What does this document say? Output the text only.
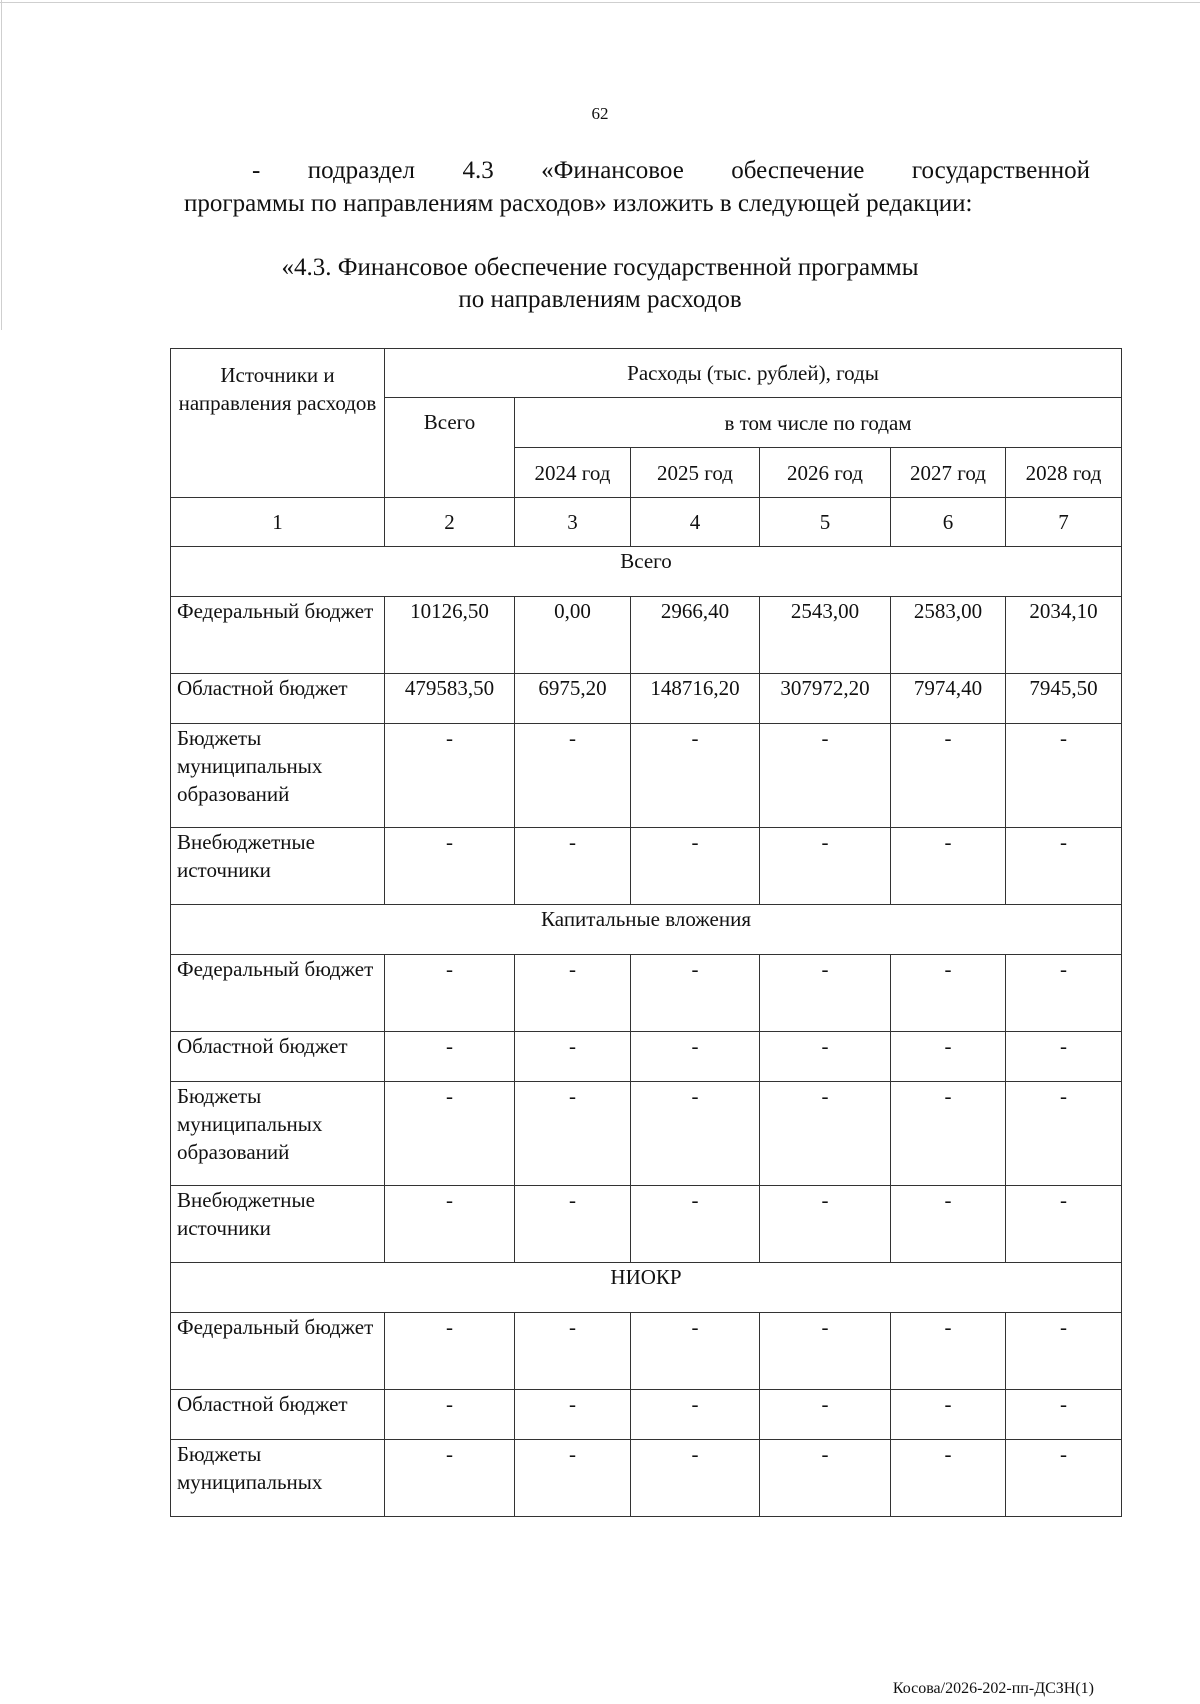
62
- подраздел 4.3 «Финансовое обеспечение государственной
программы по направлениям расходов» изложить в следующей редакции:
«4.3. Финансовое обеспечение государственной программы
по направлениям расходов
Источники и направления расходов	Расходы (тыс. рублей), годы					
	Всего	в том числе по годам				
		2024 год	2025 год	2026 год	2027 год	2028 год
1	2	3	4	5	6	7
Всего						
Федеральный бюджет	10126,50	0,00	2966,40	2543,00	2583,00	2034,10
Областной бюджет	479583,50	6975,20	148716,20	307972,20	7974,40	7945,50
Бюджеты муниципальных образований	-	-	-	-	-	-
Внебюджетные источники	-	-	-	-	-	-
Капитальные вложения						
Федеральный бюджет	-	-	-	-	-	-
Областной бюджет	-	-	-	-	-	-
Бюджеты муниципальных образований	-	-	-	-	-	-
Внебюджетные источники	-	-	-	-	-	-
НИОКР						
Федеральный бюджет	-	-	-	-	-	-
Областной бюджет	-	-	-	-	-	-
Бюджеты муниципальных	-	-	-	-	-	-
Косова/2026-202-пп-ДСЗН(1)
